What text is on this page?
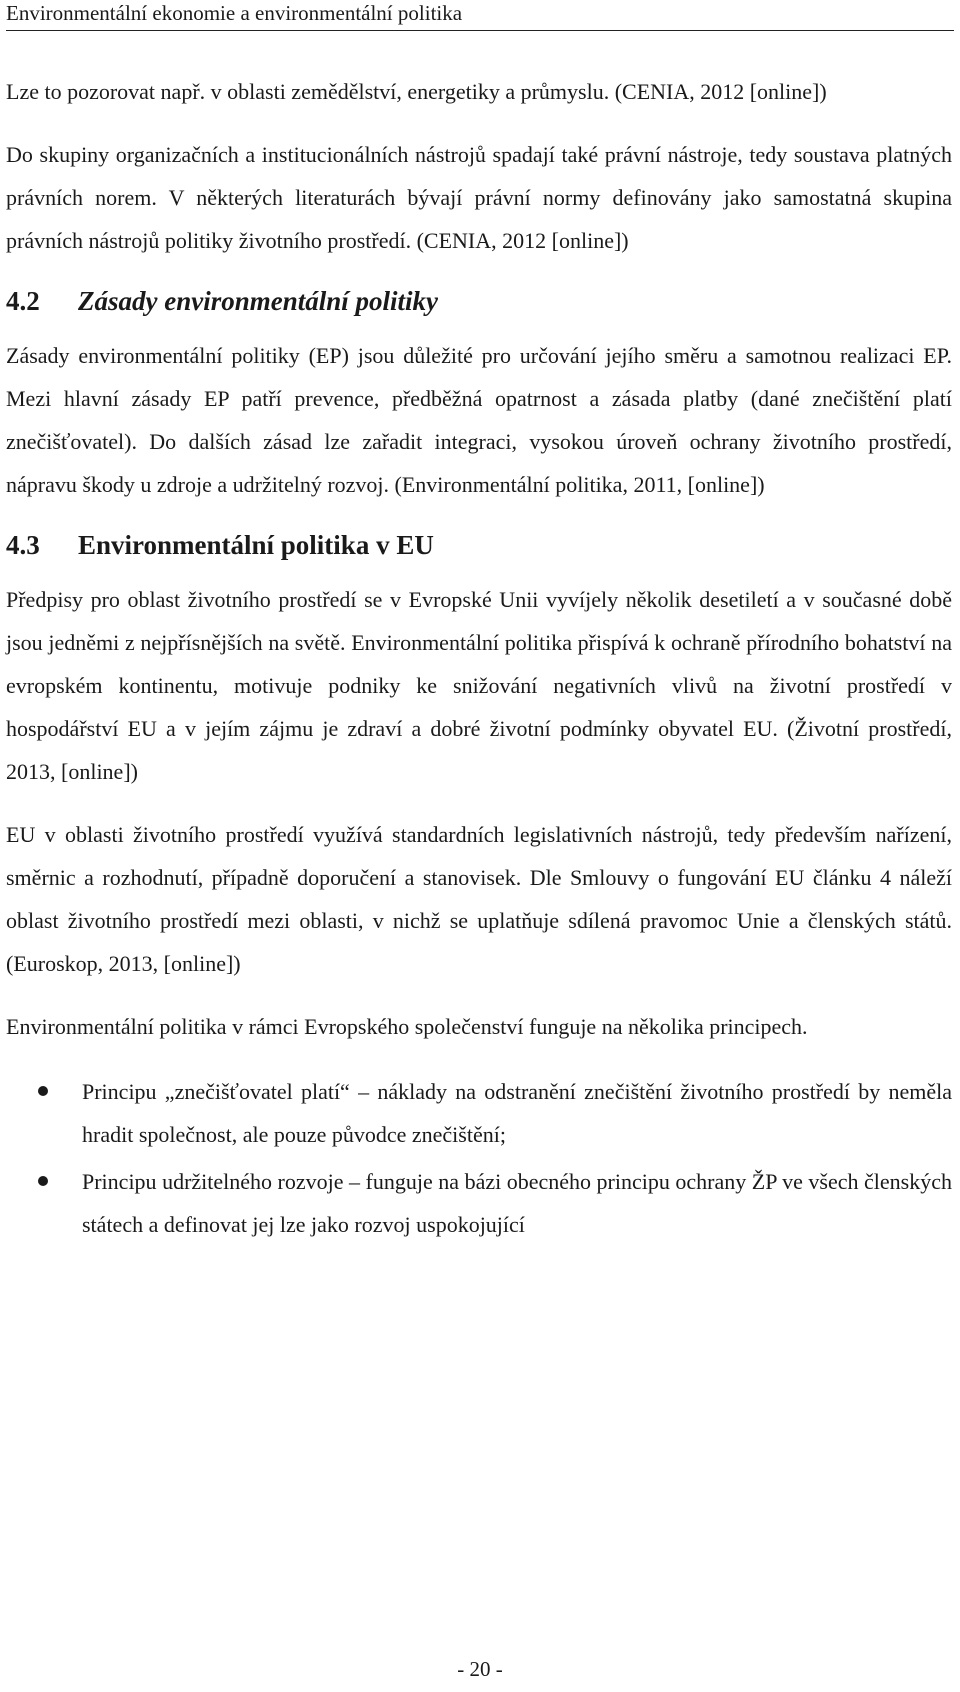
Environmentální ekonomie a environmentální politika

Lze to pozorovat např. v oblasti zemědělství, energetiky a průmyslu. (CENIA, 2012 [online])

Do skupiny organizačních a institucionálních nástrojů spadají také právní nástroje, tedy soustava platných právních norem. V některých literaturách bývají právní normy definovány jako samostatná skupina právních nástrojů politiky životního prostředí. (CENIA, 2012 [online])

4.2 Zásady environmentální politiky

Zásady environmentální politiky (EP) jsou důležité pro určování jejího směru a samotnou realizaci EP. Mezi hlavní zásady EP patří prevence, předběžná opatrnost a zásada platby (dané znečištění platí znečišťovatel). Do dalších zásad lze zařadit integraci, vysokou úroveň ochrany životního prostředí, nápravu škody u zdroje a udržitelný rozvoj. (Environmentální politika, 2011, [online])

4.3 Environmentální politika v EU

Předpisy pro oblast životního prostředí se v Evropské Unii vyvíjely několik desetiletí a v současné době jsou jedněmi z nejpřísnějších na světě. Environmentální politika přispívá k ochraně přírodního bohatství na evropském kontinentu, motivuje podniky ke snižování negativních vlivů na životní prostředí v hospodářství EU a v jejím zájmu je zdraví a dobré životní podmínky obyvatel EU. (Životní prostředí, 2013, [online])

EU v oblasti životního prostředí využívá standardních legislativních nástrojů, tedy především nařízení, směrnic a rozhodnutí, případně doporučení a stanovisek. Dle Smlouvy o fungování EU článku 4 náleží oblast životního prostředí mezi oblasti, v nichž se uplatňuje sdílená pravomoc Unie a členských států. (Euroskop, 2013, [online])

Environmentální politika v rámci Evropského společenství funguje na několika principech.

Principu „znečišťovatel platí“ – náklady na odstranění znečištění životního prostředí by neměla hradit společnost, ale pouze původce znečištění;
Principu udržitelného rozvoje – funguje na bázi obecného principu ochrany ŽP ve všech členských státech a definovat jej lze jako rozvoj uspokojující
- 20 -
